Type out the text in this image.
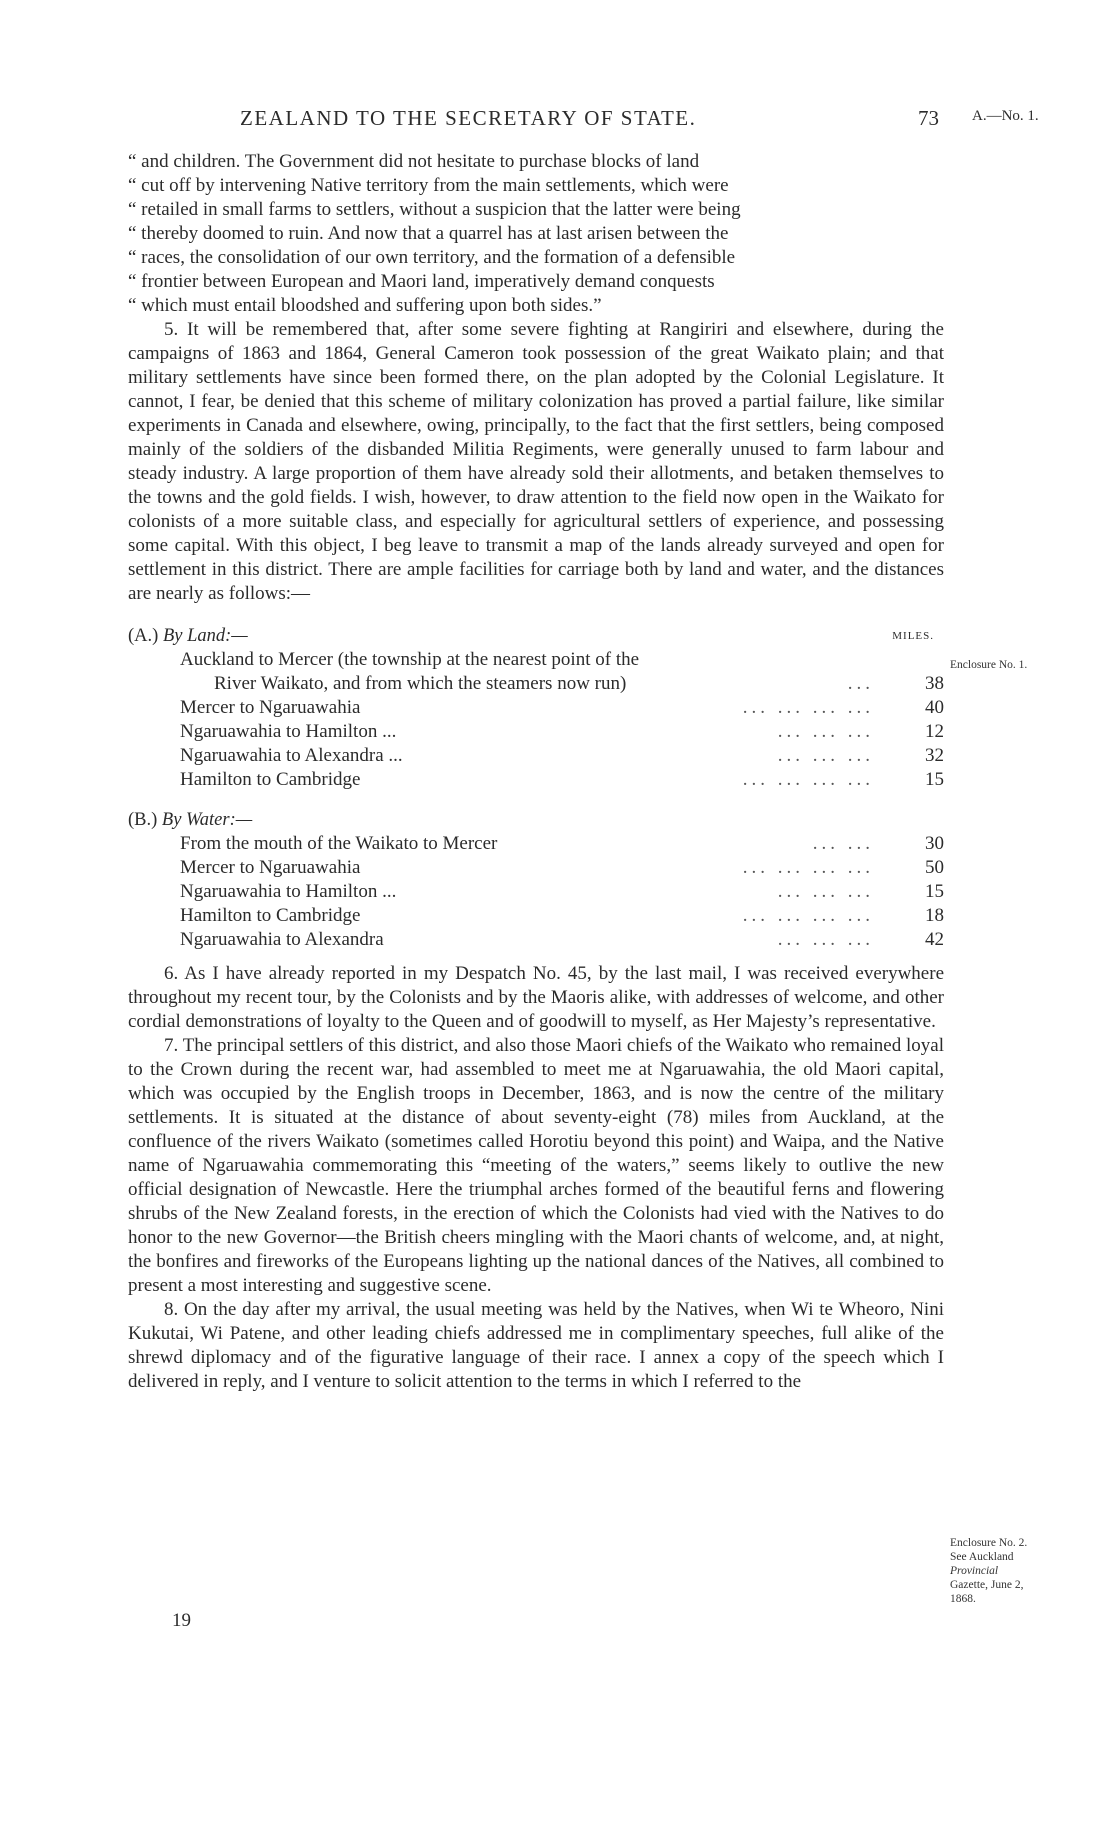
ZEALAND TO THE SECRETARY OF STATE.	73 A.—No. 1.

“ and children. The Government did not hesitate to purchase blocks of land

“ cut off by intervening Native territory from the main settlements, which were

“ retailed in small farms to settlers, without a suspicion that the latter were being

“ thereby doomed to ruin. And now that a quarrel has at last arisen between the

“ races, the consolidation of our own territory, and the formation of a defensible

“ frontier between European and Maori land, imperatively demand conquests

“ which must entail bloodshed and suffering upon both sides.”

5. It will be remembered that, after some severe fighting at Rangiriri and elsewhere, during the campaigns of 1863 and 1864, General Cameron took possession of the great Waikato plain; and that military settlements have since been formed there, on the plan adopted by the Colonial Legislature. It cannot, I fear, be denied that this scheme of military colonization has proved a partial failure, like similar experiments in Canada and elsewhere, owing, principally, to the fact that the first settlers, being composed mainly of the soldiers of the disbanded Militia Regiments, were generally unused to farm labour and steady industry. A large proportion of them have already sold their allotments, and betaken themselves to the towns and the gold fields. I wish, however, to draw attention to the field now open in the Waikato for colonists of a more suitable class, and especially for agricultural settlers of experience, and possessing some capital. With this object, I beg leave to transmit a map of the lands already surveyed and open for settlement in this district. There are ample facilities for carriage both by land and water, and the distances are nearly as follows:—

(A.) By Land:—	MILES.
Auckland to Mercer (the township at the nearest point of the
River Waikato, and from which the steamers now run)	...	38
Mercer to Ngaruawahia	... ... ... ...	40
Ngaruawahia to Hamilton ...	... ... ...	12
Ngaruawahia to Alexandra ...	... ... ...	32
Hamilton to Cambridge	... ... ... ...	15
(B.) By Water:—
From the mouth of the Waikato to Mercer	... ...	30
Mercer to Ngaruawahia	... ... ... ...	50
Ngaruawahia to Hamilton ...	... ... ...	15
Hamilton to Cambridge	... ... ... ...	18
Ngaruawahia to Alexandra	... ... ...	42

6. As I have already reported in my Despatch No. 45, by the last mail, I was received everywhere throughout my recent tour, by the Colonists and by the Maoris alike, with addresses of welcome, and other cordial demonstrations of loyalty to the Queen and of goodwill to myself, as Her Majesty’s representative.

7. The principal settlers of this district, and also those Maori chiefs of the Waikato who remained loyal to the Crown during the recent war, had assembled to meet me at Ngaruawahia, the old Maori capital, which was occupied by the English troops in December, 1863, and is now the centre of the military settlements. It is situated at the distance of about seventy-eight (78) miles from Auckland, at the confluence of the rivers Waikato (sometimes called Horotiu beyond this point) and Waipa, and the Native name of Ngaruawahia commemorating this “meeting of the waters,” seems likely to outlive the new official designation of Newcastle. Here the triumphal arches formed of the beautiful ferns and flowering shrubs of the New Zealand forests, in the erection of which the Colonists had vied with the Natives to do honor to the new Governor—the British cheers mingling with the Maori chants of welcome, and, at night, the bonfires and fireworks of the Europeans lighting up the national dances of the Natives, all combined to present a most interesting and suggestive scene.

8. On the day after my arrival, the usual meeting was held by the Natives, when Wi te Wheoro, Nini Kukutai, Wi Patene, and other leading chiefs addressed me in complimentary speeches, full alike of the shrewd diplomacy and of the figurative language of their race. I annex a copy of the speech which I delivered in reply, and I venture to solicit attention to the terms in which I referred to the

19
Enclosure No. 1.
Enclosure No. 2.
See Auckland
Provincial
Gazette, June 2,
1868.
